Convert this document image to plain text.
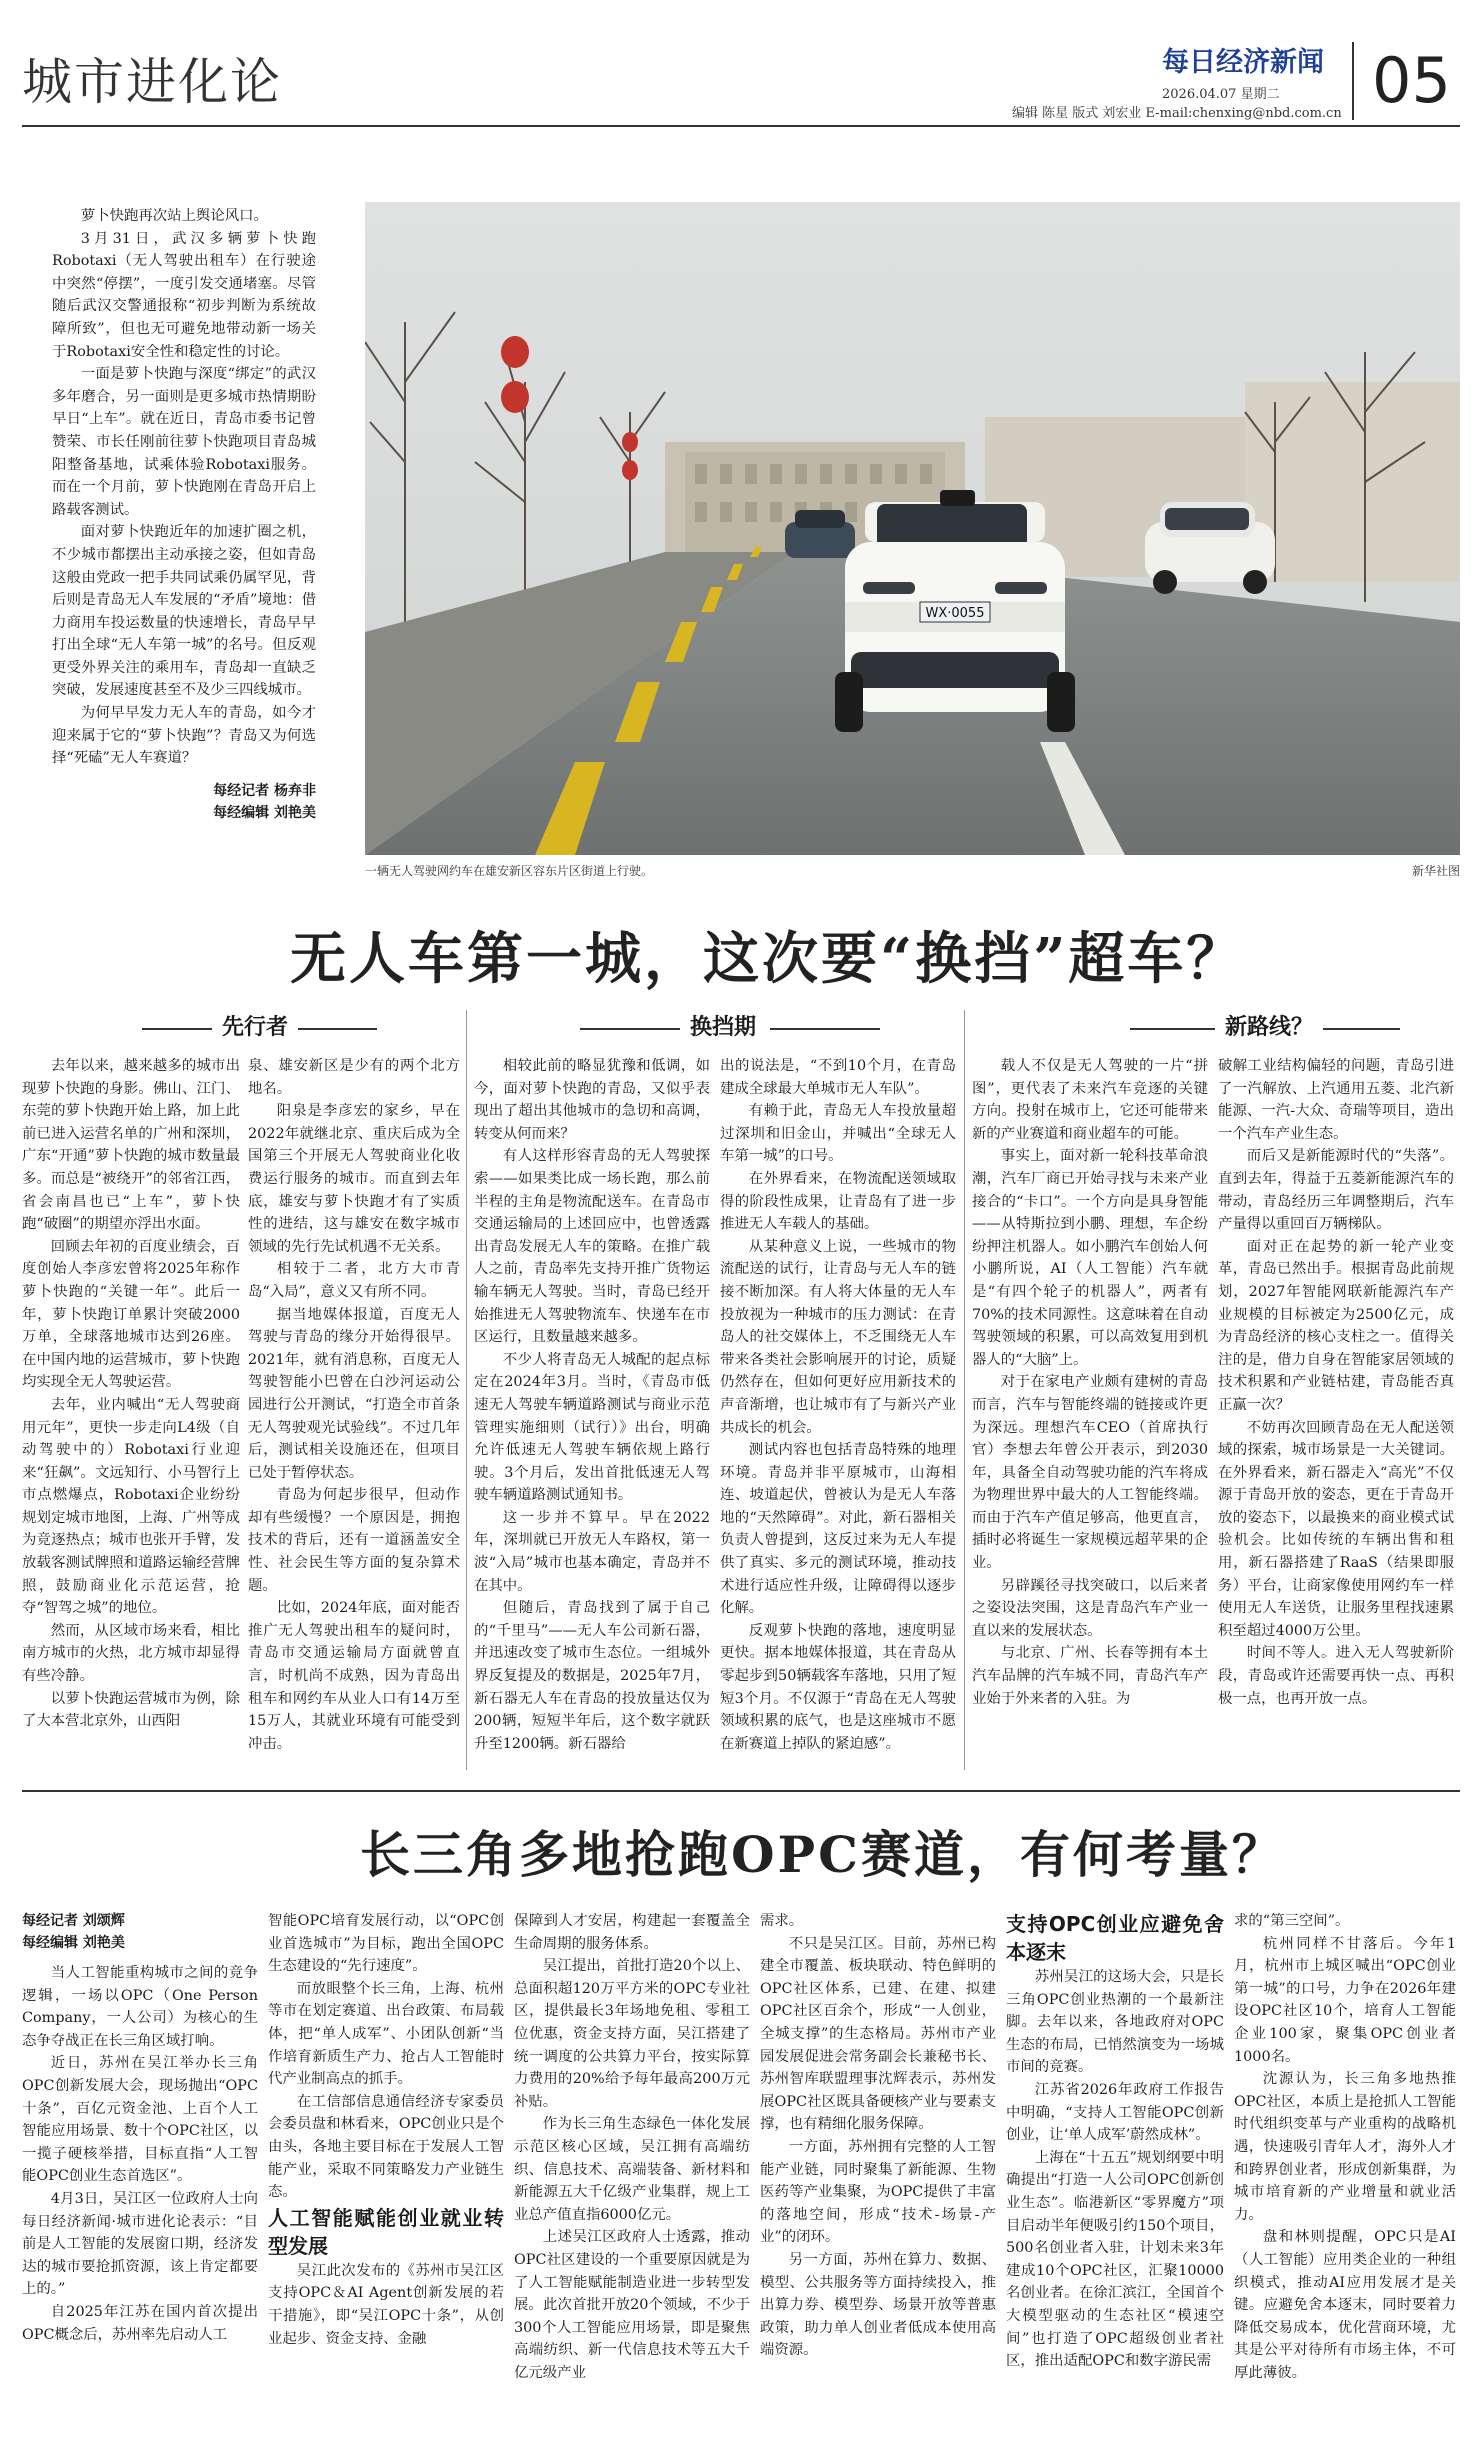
城市进化论	每日经济新闻
2026.04.07 星期二
编辑 陈星 版式 刘宏业 E-mail:chenxing@nbd.com.cn 05

萝卜快跑再次站上舆论风口。

3月31日，武汉多辆萝卜快跑Robotaxi（无人驾驶出租车）在行驶途中突然“停摆”，一度引发交通堵塞。尽管随后武汉交警通报称“初步判断为系统故障所致”，但也无可避免地带动新一场关于Robotaxi安全性和稳定性的讨论。

一面是萝卜快跑与深度“绑定”的武汉多年磨合，另一面则是更多城市热情期盼早日“上车”。就在近日，青岛市委书记曾赞荣、市长任刚前往萝卜快跑项目青岛城阳整备基地，试乘体验Robotaxi服务。而在一个月前，萝卜快跑刚在青岛开启上路载客测试。

面对萝卜快跑近年的加速扩圈之机，不少城市都摆出主动承接之姿，但如青岛这般由党政一把手共同试乘仍属罕见，背后则是青岛无人车发展的“矛盾”境地：借力商用车投运数量的快速增长，青岛早早打出全球“无人车第一城”的名号。但反观更受外界关注的乘用车，青岛却一直缺乏突破，发展速度甚至不及少三四线城市。

为何早早发力无人车的青岛，如今才迎来属于它的“萝卜快跑”？青岛又为何选择“死磕”无人车赛道？

每经记者 杨弃非
每经编辑 刘艳美
WX·0055
一辆无人驾驶网约车在雄安新区容东片区街道上行驶。	新华社图
无人车第一城，这次要“换挡”超车？
先行者	换挡期	新路线？

去年以来，越来越多的城市出现萝卜快跑的身影。佛山、江门、东莞的萝卜快跑开始上路，加上此前已进入运营名单的广州和深圳，广东“开通”萝卜快跑的城市数量最多。而总是“被绕开”的邻省江西，省会南昌也已“上车”，萝卜快跑“破圈”的期望亦浮出水面。

回顾去年初的百度业绩会，百度创始人李彦宏曾将2025年称作萝卜快跑的“关键一年”。此后一年，萝卜快跑订单累计突破2000万单，全球落地城市达到26座。在中国内地的运营城市，萝卜快跑均实现全无人驾驶运营。

去年，业内喊出“无人驾驶商用元年”，更快一步走向L4级（自动驾驶中的）Robotaxi行业迎来“狂飙”。文远知行、小马智行上市点燃爆点，Robotaxi企业纷纷规划定城市地图，上海、广州等成为竞逐热点；城市也张开手臂，发放载客测试牌照和道路运输经营牌照，鼓励商业化示范运营，抢夺“智驾之城”的地位。

然而，从区域市场来看，相比南方城市的火热，北方城市却显得有些冷静。

以萝卜快跑运营城市为例，除了大本营北京外，山西阳

泉、雄安新区是少有的两个北方地名。

阳泉是李彦宏的家乡，早在2022年就继北京、重庆后成为全国第三个开展无人驾驶商业化收费运行服务的城市。而直到去年底，雄安与萝卜快跑才有了实质性的进结，这与雄安在数字城市领域的先行先试机遇不无关系。

相较于二者，北方大市青岛“入局”，意义又有所不同。

据当地媒体报道，百度无人驾驶与青岛的缘分开始得很早。2021年，就有消息称，百度无人驾驶智能小巴曾在白沙河运动公园进行公开测试，“打造全市首条无人驾驶观光试验线”。不过几年后，测试相关设施还在，但项目已处于暂停状态。

青岛为何起步很早，但动作却有些缓慢？一个原因是，拥抱技术的背后，还有一道涵盖安全性、社会民生等方面的复杂算术题。

比如，2024年底，面对能否推广无人驾驶出租车的疑问时，青岛市交通运输局方面就曾直言，时机尚不成熟，因为青岛出租车和网约车从业人口有14万至15万人，其就业环境有可能受到冲击。

相较此前的略显犹豫和低调，如今，面对萝卜快跑的青岛，又似乎表现出了超出其他城市的急切和高调，转变从何而来？

有人这样形容青岛的无人驾驶探索——如果类比成一场长跑，那么前半程的主角是物流配送车。在青岛市交通运输局的上述回应中，也曾透露出青岛发展无人车的策略。在推广载人之前，青岛率先支持开推广货物运输车辆无人驾驶。当时，青岛已经开始推进无人驾驶物流车、快递车在市区运行，且数量越来越多。

不少人将青岛无人城配的起点标定在2024年3月。当时，《青岛市低速无人驾驶车辆道路测试与商业示范管理实施细则（试行）》出台，明确允许低速无人驾驶车辆依规上路行驶。3个月后，发出首批低速无人驾驶车辆道路测试通知书。

这一步并不算早。早在2022年，深圳就已开放无人车路权，第一波“入局”城市也基本确定，青岛并不在其中。

但随后，青岛找到了属于自己的“千里马”——无人车公司新石器，并迅速改变了城市生态位。一组城外界反复提及的数据是，2025年7月，新石器无人车在青岛的投放量达仅为200辆，短短半年后，这个数字就跃升至1200辆。新石器给

出的说法是，“不到10个月，在青岛建成全球最大单城市无人车队”。

有赖于此，青岛无人车投放量超过深圳和旧金山，并喊出“全球无人车第一城”的口号。

在外界看来，在物流配送领域取得的阶段性成果，让青岛有了进一步推进无人车载人的基础。

从某种意义上说，一些城市的物流配送的试行，让青岛与无人车的链接不断加深。有人将大体量的无人车投放视为一种城市的压力测试：在青岛人的社交媒体上，不乏围绕无人车带来各类社会影响展开的讨论，质疑仍然存在，但如何更好应用新技术的声音渐增，也让城市有了与新兴产业共成长的机会。

测试内容也包括青岛特殊的地理环境。青岛并非平原城市，山海相连、坡道起伏，曾被认为是无人车落地的“天然障碍”。对此，新石器相关负责人曾提到，这反过来为无人车提供了真实、多元的测试环境，推动技术进行适应性升级，让障碍得以逐步化解。

反观萝卜快跑的落地，速度明显更快。据本地媒体报道，其在青岛从零起步到50辆载客车落地，只用了短短3个月。不仅源于“青岛在无人驾驶领域积累的底气，也是这座城市不愿在新赛道上掉队的紧迫感”。

载人不仅是无人驾驶的一片“拼图”，更代表了未来汽车竞逐的关键方向。投射在城市上，它还可能带来新的产业赛道和商业超车的可能。

事实上，面对新一轮科技革命浪潮，汽车厂商已开始寻找与未来产业接合的“卡口”。一个方向是具身智能——从特斯拉到小鹏、理想，车企纷纷押注机器人。如小鹏汽车创始人何小鹏所说，AI（人工智能）汽车就是“有四个轮子的机器人”，两者有70%的技术同源性。这意味着在自动驾驶领域的积累，可以高效复用到机器人的“大脑”上。

对于在家电产业颇有建树的青岛而言，汽车与智能终端的链接或许更为深远。理想汽车CEO（首席执行官）李想去年曾公开表示，到2030年，具备全自动驾驶功能的汽车将成为物理世界中最大的人工智能终端。而由于汽车产值足够高，他更直言，插时必将诞生一家规模远超苹果的企业。

另辟蹊径寻找突破口，以后来者之姿设法突围，这是青岛汽车产业一直以来的发展状态。

与北京、广州、长春等拥有本土汽车品牌的汽车城不同，青岛汽车产业始于外来者的入驻。为

破解工业结构偏轻的问题，青岛引进了一汽解放、上汽通用五菱、北汽新能源、一汽-大众、奇瑞等项目，造出一个汽车产业生态。

而后又是新能源时代的“失落”。直到去年，得益于五菱新能源汽车的带动，青岛经历三年调整期后，汽车产量得以重回百万辆梯队。

面对正在起势的新一轮产业变革，青岛已然出手。根据青岛此前规划，2027年智能网联新能源汽车产业规模的目标被定为2500亿元，成为青岛经济的核心支柱之一。值得关注的是，借力自身在智能家居领域的技术积累和产业链枯建，青岛能否真正赢一次？

不妨再次回顾青岛在无人配送领域的探索，城市场景是一大关键词。在外界看来，新石器走入“高光”不仅源于青岛开放的姿态，更在于青岛开放的姿态下，以最换来的商业模式试验机会。比如传统的车辆出售和租用，新石器搭建了RaaS（结果即服务）平台，让商家像使用网约车一样使用无人车送货，让服务里程找速累积至超过4000万公里。

时间不等人。进入无人驾驶新阶段，青岛或许还需要再快一点、再积极一点，也再开放一点。

长三角多地抢跑OPC赛道，有何考量？
每经记者 刘颂辉
每经编辑 刘艳美

当人工智能重构城市之间的竞争逻辑，一场以OPC（One Person Company，一人公司）为核心的生态争夺战正在长三角区域打响。

近日，苏州在吴江举办长三角OPC创新发展大会，现场抛出“OPC十条”，百亿元资金池、上百个人工智能应用场景、数十个OPC社区，以一揽子硬核举措，目标直指“人工智能OPC创业生态首选区”。

4月3日，吴江区一位政府人士向每日经济新闻·城市进化论表示：“目前是人工智能的发展窗口期，经济发达的城市要抢抓资源，该上肯定都要上的。”

自2025年江苏在国内首次提出OPC概念后，苏州率先启动人工

智能OPC培育发展行动，以“OPC创业首选城市”为目标，跑出全国OPC生态建设的“先行速度”。

而放眼整个长三角，上海、杭州等市在划定赛道、出台政策、布局载体，把“单人成军”、小团队创新“当作培育新质生产力、抢占人工智能时代产业制高点的抓手。

在工信部信息通信经济专家委员会委员盘和林看来，OPC创业只是个由头，各地主要目标在于发展人工智能产业，采取不同策略发力产业链生态。

人工智能赋能创业就业转型发展

吴江此次发布的《苏州市吴江区支持OPC＆AI Agent创新发展的若干措施》，即“吴江OPC十条”，从创业起步、资金支持、金融

保障到人才安居，构建起一套覆盖全生命周期的服务体系。

吴江提出，首批打造20个以上、总面积超120万平方米的OPC专业社区，提供最长3年场地免租、零租工位优惠，资金支持方面，吴江搭建了统一调度的公共算力平台，按实际算力费用的20%给予每年最高200万元补贴。

作为长三角生态绿色一体化发展示范区核心区域，吴江拥有高端纺织、信息技术、高端装备、新材料和新能源五大千亿级产业集群，规上工业总产值直指6000亿元。

上述吴江区政府人士透露，推动OPC社区建设的一个重要原因就是为了人工智能赋能制造业进一步转型发展。此次首批开放20个领域，不少于300个人工智能应用场景，即是聚焦高端纺织、新一代信息技术等五大千亿元级产业

需求。

不只是吴江区。目前，苏州已构建全市覆盖、板块联动、特色鲜明的OPC社区体系，已建、在建、拟建OPC社区百余个，形成“一人创业，全城支撑”的生态格局。苏州市产业园发展促进会常务副会长兼秘书长、苏州智库联盟理事沈辉表示，苏州发展OPC社区既具备硬核产业与要素支撑，也有精细化服务保障。

一方面，苏州拥有完整的人工智能产业链，同时聚集了新能源、生物医药等产业集聚，为OPC提供了丰富的落地空间，形成“技术-场景-产业”的闭环。

另一方面，苏州在算力、数据、模型、公共服务等方面持续投入，推出算力券、模型券、场景开放等普惠政策，助力单人创业者低成本使用高端资源。

支持OPC创业应避免舍本逐末

苏州吴江的这场大会，只是长三角OPC创业热潮的一个最新注脚。去年以来，各地政府对OPC生态的布局，已悄然演变为一场城市间的竞赛。

江苏省2026年政府工作报告中明确，“支持人工智能OPC创新创业，让‘单人成军’蔚然成林”。

上海在“十五五”规划纲要中明确提出“打造一人公司OPC创新创业生态”。临港新区“零界魔方”项目启动半年便吸引约150个项目，500名创业者入驻，计划未来3年建成10个OPC社区，汇聚10000名创业者。在徐汇滨江，全国首个大模型驱动的生态社区“模速空间”也打造了OPC超级创业者社区，推出适配OPC和数字游民需

求的“第三空间”。

杭州同样不甘落后。今年1月，杭州市上城区喊出“OPC创业第一城”的口号，力争在2026年建设OPC社区10个，培育人工智能企业100家，聚集OPC创业者1000名。

沈源认为，长三角多地热推OPC社区，本质上是抢抓人工智能时代组织变革与产业重构的战略机遇，快速吸引青年人才，海外人才和跨界创业者，形成创新集群，为城市培育新的产业增量和就业活力。

盘和林则提醒，OPC只是AI（人工智能）应用类企业的一种组织模式，推动AI应用发展才是关键。应避免舍本逐末，同时要着力降低交易成本，优化营商环境，尤其是公平对待所有市场主体，不可厚此薄彼。
